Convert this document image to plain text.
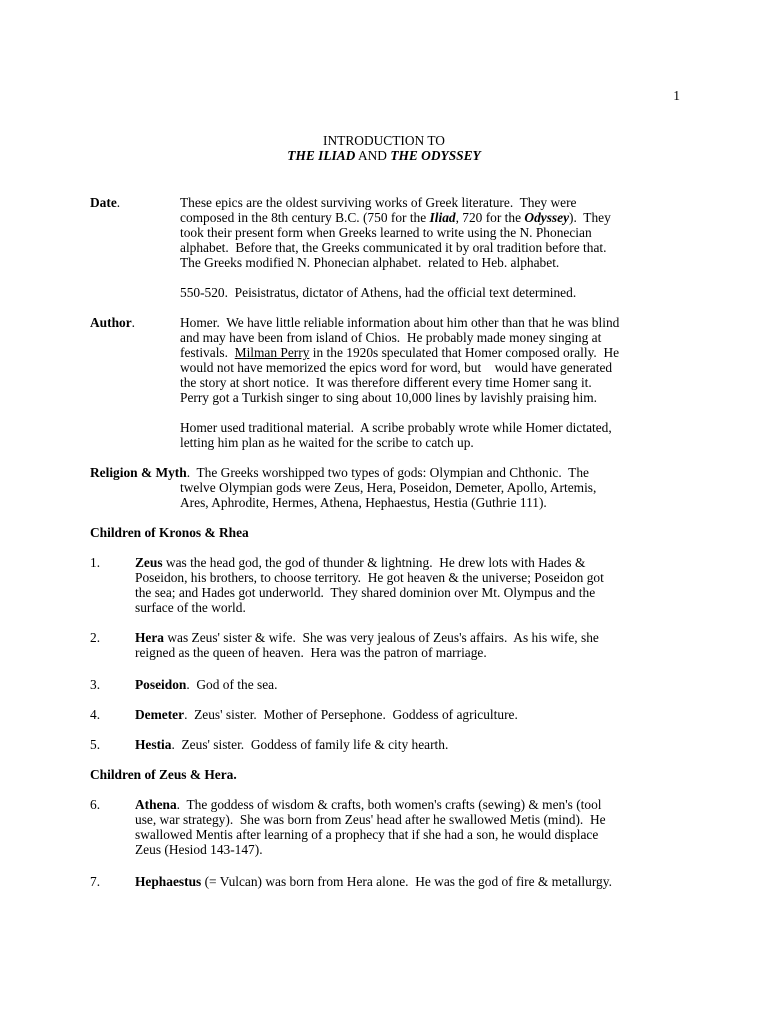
1
INTRODUCTION TO
THE ILIAD AND THE ODYSSEY
Date.	These epics are the oldest surviving works of Greek literature.  They were
composed in the 8th century B.C. (750 for the Iliad, 720 for the Odyssey).  They
took their present form when Greeks learned to write using the N. Phonecian
alphabet.  Before that, the Greeks communicated it by oral tradition before that.
The Greeks modified N. Phonecian alphabet.  related to Heb. alphabet.
550-520.  Peisistratus, dictator of Athens, had the official text determined.
Author.	Homer.  We have little reliable information about him other than that he was blind
and may have been from island of Chios.  He probably made money singing at
festivals.  Milman Perry in the 1920s speculated that Homer composed orally.  He
would not have memorized the epics word for word, but    would have generated
the story at short notice.  It was therefore different every time Homer sang it.
Perry got a Turkish singer to sing about 10,000 lines by lavishly praising him.
Homer used traditional material.  A scribe probably wrote while Homer dictated,
letting him plan as he waited for the scribe to catch up.
Religion & Myth.  The Greeks worshipped two types of gods: Olympian and Chthonic.  The
twelve Olympian gods were Zeus, Hera, Poseidon, Demeter, Apollo, Artemis,
Ares, Aphrodite, Hermes, Athena, Hephaestus, Hestia (Guthrie 111).
Children of Kronos & Rhea
1.	Zeus was the head god, the god of thunder & lightning.  He drew lots with Hades &
Poseidon, his brothers, to choose territory.  He got heaven & the universe; Poseidon got
the sea; and Hades got underworld.  They shared dominion over Mt. Olympus and the
surface of the world.
2.	Hera was Zeus' sister & wife.  She was very jealous of Zeus's affairs.  As his wife, she
reigned as the queen of heaven.  Hera was the patron of marriage.
3.	Poseidon.  God of the sea.
4.	Demeter.  Zeus' sister.  Mother of Persephone.  Goddess of agriculture.
5.	Hestia.  Zeus' sister.  Goddess of family life & city hearth.
Children of Zeus & Hera.
6.	Athena.  The goddess of wisdom & crafts, both women's crafts (sewing) & men's (tool
use, war strategy).  She was born from Zeus' head after he swallowed Metis (mind).  He
swallowed Mentis after learning of a prophecy that if she had a son, he would displace
Zeus (Hesiod 143-147).
7.	Hephaestus (= Vulcan) was born from Hera alone.  He was the god of fire & metallurgy.
